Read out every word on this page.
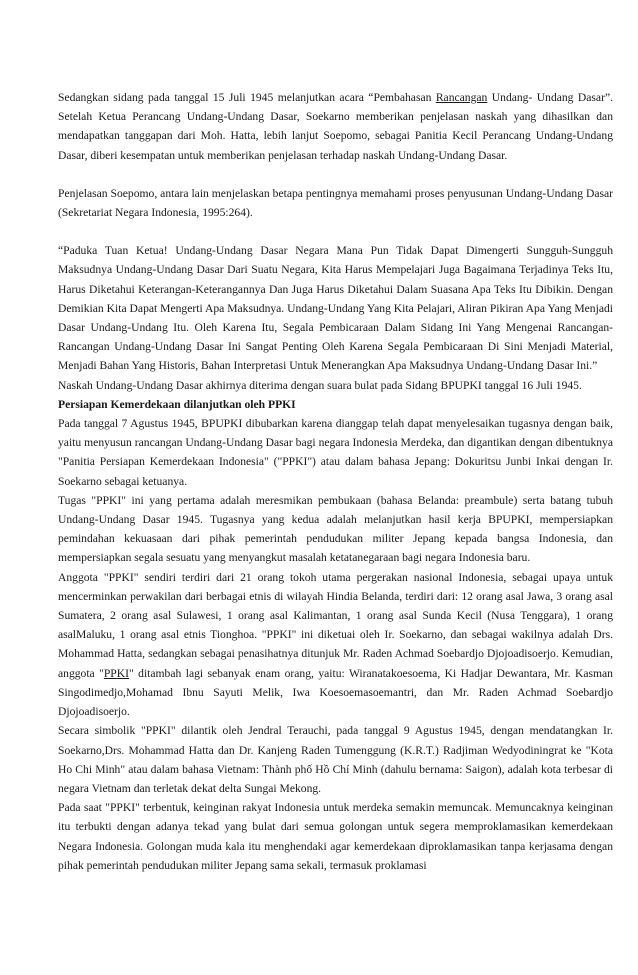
Sedangkan sidang pada tanggal 15 Juli 1945 melanjutkan acara “Pembahasan Rancangan Undang- Undang Dasar”. Setelah Ketua Perancang Undang-Undang Dasar, Soekarno memberikan penjelasan naskah yang dihasilkan dan mendapatkan tanggapan dari Moh. Hatta, lebih lanjut Soepomo, sebagai Panitia Kecil Perancang Undang-Undang Dasar, diberi kesempatan untuk memberikan penjelasan terhadap naskah Undang-Undang Dasar.

Penjelasan Soepomo, antara lain menjelaskan betapa pentingnya memahami proses penyusunan Undang-Undang Dasar (Sekretariat Negara Indonesia, 1995:264).

“Paduka Tuan Ketua! Undang-Undang Dasar Negara Mana Pun Tidak Dapat Dimengerti Sungguh-Sungguh Maksudnya Undang-Undang Dasar Dari Suatu Negara, Kita Harus Mempelajari Juga Bagaimana Terjadinya Teks Itu, Harus Diketahui Keterangan-Keterangannya Dan Juga Harus Diketahui Dalam Suasana Apa Teks Itu Dibikin. Dengan Demikian Kita Dapat Mengerti Apa Maksudnya. Undang-Undang Yang Kita Pelajari, Aliran Pikiran Apa Yang Menjadi Dasar Undang-Undang Itu. Oleh Karena Itu, Segala Pembicaraan Dalam Sidang Ini Yang Mengenai Rancangan-Rancangan Undang-Undang Dasar Ini Sangat Penting Oleh Karena Segala Pembicaraan Di Sini Menjadi Material, Menjadi Bahan Yang Historis, Bahan Interpretasi Untuk Menerangkan Apa Maksudnya Undang-Undang Dasar Ini.”

Naskah Undang-Undang Dasar akhirnya diterima dengan suara bulat pada Sidang BPUPKI tanggal 16 Juli 1945.

Persiapan Kemerdekaan dilanjutkan oleh PPKI

Pada tanggal 7 Agustus 1945, BPUPKI dibubarkan karena dianggap telah dapat menyelesaikan tugasnya dengan baik, yaitu menyusun rancangan Undang-Undang Dasar bagi negara Indonesia Merdeka, dan digantikan dengan dibentuknya "Panitia Persiapan Kemerdekaan Indonesia" ("PPKI") atau dalam bahasa Jepang: Dokuritsu Junbi Inkai dengan Ir. Soekarno sebagai ketuanya.

Tugas "PPKI" ini yang pertama adalah meresmikan pembukaan (bahasa Belanda: preambule) serta batang tubuh Undang-Undang Dasar 1945. Tugasnya yang kedua adalah melanjutkan hasil kerja BPUPKI, mempersiapkan pemindahan kekuasaan dari pihak pemerintah pendudukan militer Jepang kepada bangsa Indonesia, dan mempersiapkan segala sesuatu yang menyangkut masalah ketatanegaraan bagi negara Indonesia baru.

Anggota "PPKI" sendiri terdiri dari 21 orang tokoh utama pergerakan nasional Indonesia, sebagai upaya untuk mencerminkan perwakilan dari berbagai etnis di wilayah Hindia Belanda, terdiri dari: 12 orang asal Jawa, 3 orang asal Sumatera, 2 orang asal Sulawesi, 1 orang asal Kalimantan, 1 orang asal Sunda Kecil (Nusa Tenggara), 1 orang asalMaluku, 1 orang asal etnis Tionghoa. "PPKI" ini diketuai oleh Ir. Soekarno, dan sebagai wakilnya adalah Drs. Mohammad Hatta, sedangkan sebagai penasihatnya ditunjuk Mr. Raden Achmad Soebardjo Djojoadisoerjo. Kemudian, anggota "PPKI" ditambah lagi sebanyak enam orang, yaitu: Wiranatakoesoema, Ki Hadjar Dewantara, Mr. Kasman Singodimedjo,Mohamad Ibnu Sayuti Melik, Iwa Koesoemasoemantri, dan Mr. Raden Achmad Soebardjo Djojoadisoerjo.

Secara simbolik "PPKI" dilantik oleh Jendral Terauchi, pada tanggal 9 Agustus 1945, dengan mendatangkan Ir. Soekarno,Drs. Mohammad Hatta dan Dr. Kanjeng Raden Tumenggung (K.R.T.) Radjiman Wedyodiningrat ke "Kota Ho Chi Minh" atau dalam bahasa Vietnam: Thành phố Hồ Chí Minh (dahulu bernama: Saigon), adalah kota terbesar di negara Vietnam dan terletak dekat delta Sungai Mekong.

Pada saat "PPKI" terbentuk, keinginan rakyat Indonesia untuk merdeka semakin memuncak. Memuncaknya keinginan itu terbukti dengan adanya tekad yang bulat dari semua golongan untuk segera memproklamasikan kemerdekaan Negara Indonesia. Golongan muda kala itu menghendaki agar kemerdekaan diproklamasikan tanpa kerjasama dengan pihak pemerintah pendudukan militer Jepang sama sekali, termasuk proklamasi
